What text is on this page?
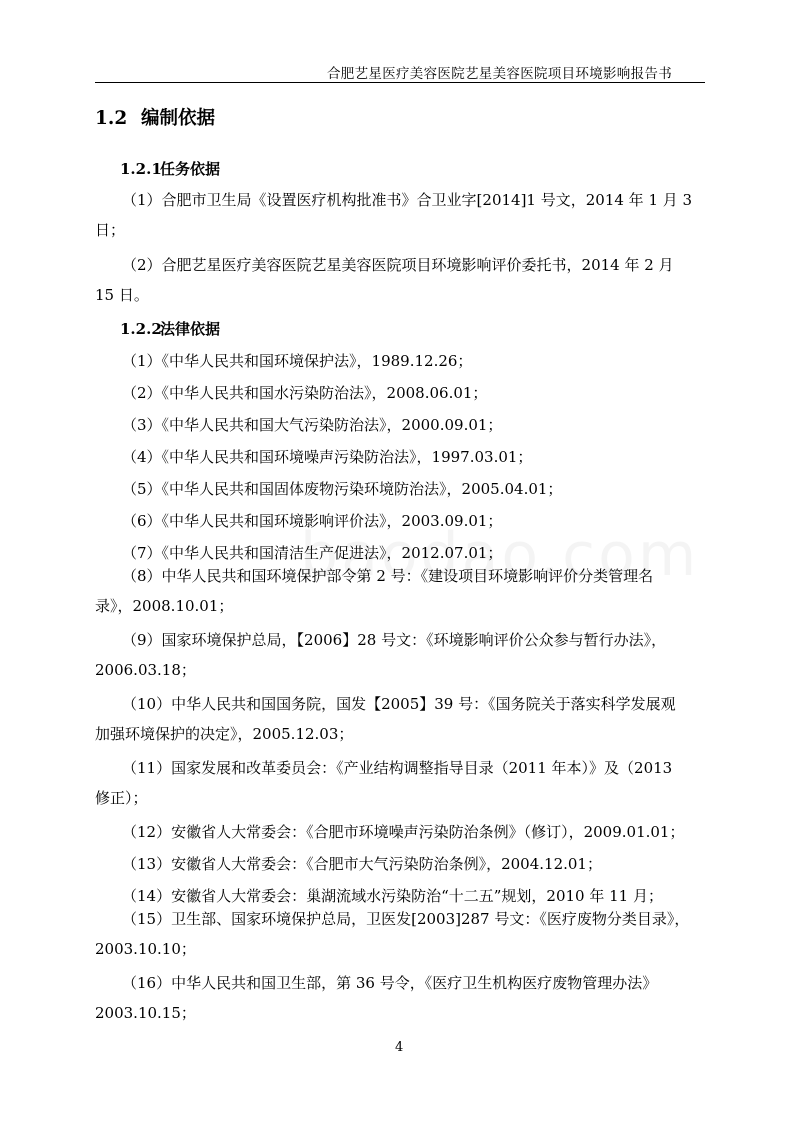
合肥艺星医疗美容医院艺星美容医院项目环境影响报告书
1.2 编制依据
1.2.1任务依据
（1）合肥市卫生局《设置医疗机构批准书》合卫业字[2014]1 号文，2014 年 1 月 3
日；
（2）合肥艺星医疗美容医院艺星美容医院项目环境影响评价委托书，2014 年 2 月
15 日。
1.2.2法律依据
（1）《中华人民共和国环境保护法》，1989.12.26；
（2）《中华人民共和国水污染防治法》，2008.06.01；
（3）《中华人民共和国大气污染防治法》，2000.09.01；
（4）《中华人民共和国环境噪声污染防治法》，1997.03.01；
（5）《中华人民共和国固体废物污染环境防治法》，2005.04.01；
（6）《中华人民共和国环境影响评价法》，2003.09.01；
（7）《中华人民共和国清洁生产促进法》，2012.07.01；
（8）中华人民共和国环境保护部令第 2 号：《建设项目环境影响评价分类管理名
录》，2008.10.01；
（9）国家环境保护总局，【2006】28 号文：《环境影响评价公众参与暂行办法》，
2006.03.18；
（10）中华人民共和国国务院，国发【2005】39 号：《国务院关于落实科学发展观
加强环境保护的决定》，2005.12.03；
（11）国家发展和改革委员会：《产业结构调整指导目录（2011 年本）》及（2013
修正）；
（12）安徽省人大常委会：《合肥市环境噪声污染防治条例》（修订），2009.01.01；
（13）安徽省人大常委会：《合肥市大气污染防治条例》，2004.12.01；
（14）安徽省人大常委会：巢湖流域水污染防治“十二五”规划，2010 年 11 月；
（15）卫生部、国家环境保护总局，卫医发[2003]287 号文：《医疗废物分类目录》，
2003.10.10；
（16）中华人民共和国卫生部，第 36 号令，《医疗卫生机构医疗废物管理办法》
2003.10.15；
4
